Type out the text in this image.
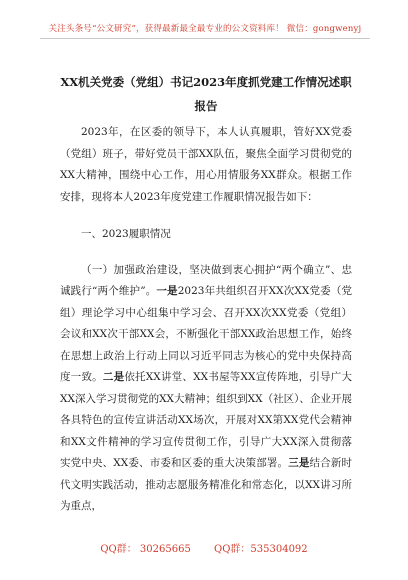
关注头条号“公文研究”，获得最新最全最专业的公文资料库！ 微信：gongwenyj
XX机关党委（党组）书记2023年度抓党建工作情况述职报告

2023年，在区委的领导下，本人认真履职，管好XX党委（党组）班子，带好党员干部XX队伍，聚焦全面学习贯彻党的XX大精神，围绕中心工作，用心用情服务XX群众。根据工作安排，现将本人2023年度党建工作履职情况报告如下：

一、2023履职情况

（一）加强政治建设，坚决做到衷心拥护“两个确立”、忠诚践行“两个维护”。一是2023年共组织召开XX次XX党委（党组）理论学习中心组集中学习会、召开XX次XX党委（党组）会议和XX次干部XX会，不断强化干部XX政治思想工作，始终在思想上政治上行动上同以习近平同志为核心的党中央保持高度一致。二是依托XX讲堂、XX书屋等XX宣传阵地，引导广大XX深入学习贯彻党的XX大精神；组织到XX（社区）、企业开展各具特色的宣传宣讲活动XX场次，开展对XX第XX党代会精神和XX文件精神的学习宣传贯彻工作，引导广大XX深入贯彻落实党中央、XX委、市委和区委的重大决策部署。三是结合新时代文明实践活动，推动志愿服务精准化和常态化，以XX讲习所为重点，

QQ群： 30265665 QQ群：535304092
